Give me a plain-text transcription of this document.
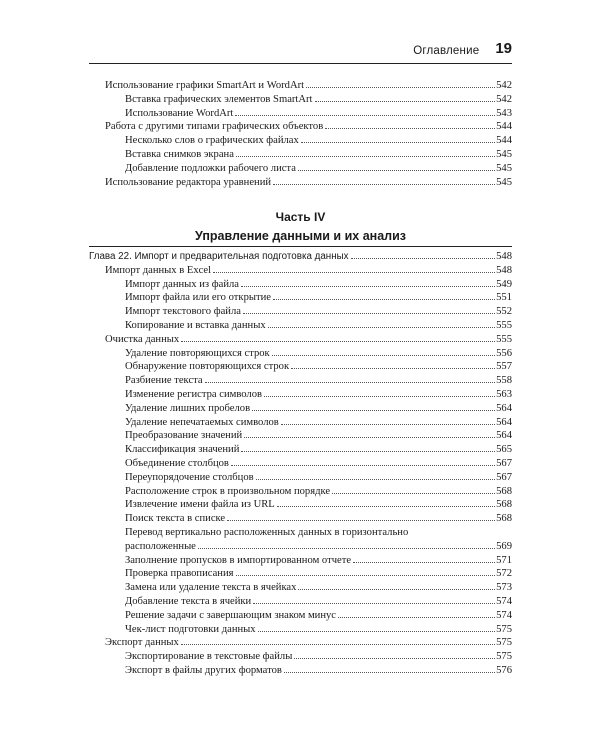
Оглавление 19
Использование графики SmartArt и WordArt	542
Вставка графических элементов SmartArt	542
Использование WordArt	543
Работа с другими типами графических объектов	544
Несколько слов о графических файлах	544
Вставка снимков экрана	545
Добавление подложки рабочего листа	545
Использование редактора уравнений	545
Часть IV
Управление данными и их анализ
Глава 22. Импорт и предварительная подготовка данных	548
Импорт данных в Excel	548
Импорт данных из файла	549
Импорт файла или его открытие	551
Импорт текстового файла	552
Копирование и вставка данных	555
Очистка данных	555
Удаление повторяющихся строк	556
Обнаружение повторяющихся строк	557
Разбиение текста	558
Изменение регистра символов	563
Удаление лишних пробелов	564
Удаление непечатаемых символов	564
Преобразование значений	564
Классификация значений	565
Объединение столбцов	567
Переупорядочение столбцов	567
Расположение строк в произвольном порядке	568
Извлечение имени файла из URL	568
Поиск текста в списке	568
Перевод вертикально расположенных данных в горизонтально
расположенные	569
Заполнение пропусков в импортированном отчете	571
Проверка правописания	572
Замена или удаление текста в ячейках	573
Добавление текста в ячейки	574
Решение задачи с завершающим знаком минус	574
Чек-лист подготовки данных	575
Экспорт данных	575
Экспортирование в текстовые файлы	575
Экспорт в файлы других форматов	576
